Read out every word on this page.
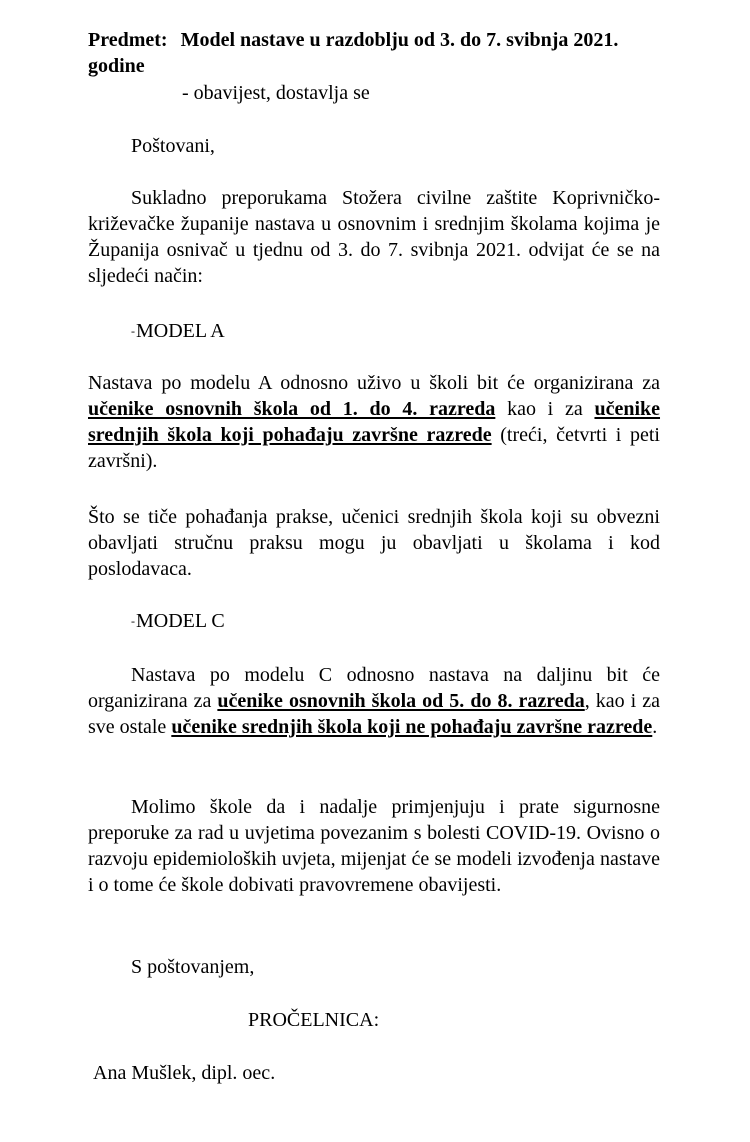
Predmet: Model nastave u razdoblju od 3. do 7. svibnja 2021. godine

- obavijest, dostavlja se

Poštovani,

Sukladno preporukama Stožera civilne zaštite Koprivničko-križevačke županije nastava u osnovnim i srednjim školama kojima je Županija osnivač u tjednu od 3. do 7. svibnja 2021. odvijat će se na sljedeći način:

-MODEL A

Nastava po modelu A odnosno uživo u školi bit će organizirana za učenike osnovnih škola od 1. do 4. razreda kao i za učenike srednjih škola koji pohađaju završne razrede (treći, četvrti i peti završni).

Što se tiče pohađanja prakse, učenici srednjih škola koji su obvezni obavljati stručnu praksu mogu ju obavljati u školama i kod poslodavaca.

-MODEL C

Nastava po modelu C odnosno nastava na daljinu bit će organizirana za učenike osnovnih škola od 5. do 8. razreda, kao i za sve ostale učenike srednjih škola koji ne pohađaju završne razrede.

Molimo škole da i nadalje primjenjuju i prate sigurnosne preporuke za rad u uvjetima povezanim s bolesti COVID-19. Ovisno o razvoju epidemioloških uvjeta, mijenjat će se modeli izvođenja nastave i o tome će škole dobivati pravovremene obavijesti.

S poštovanjem,

PROČELNICA:

Ana Mušlek, dipl. oec.
